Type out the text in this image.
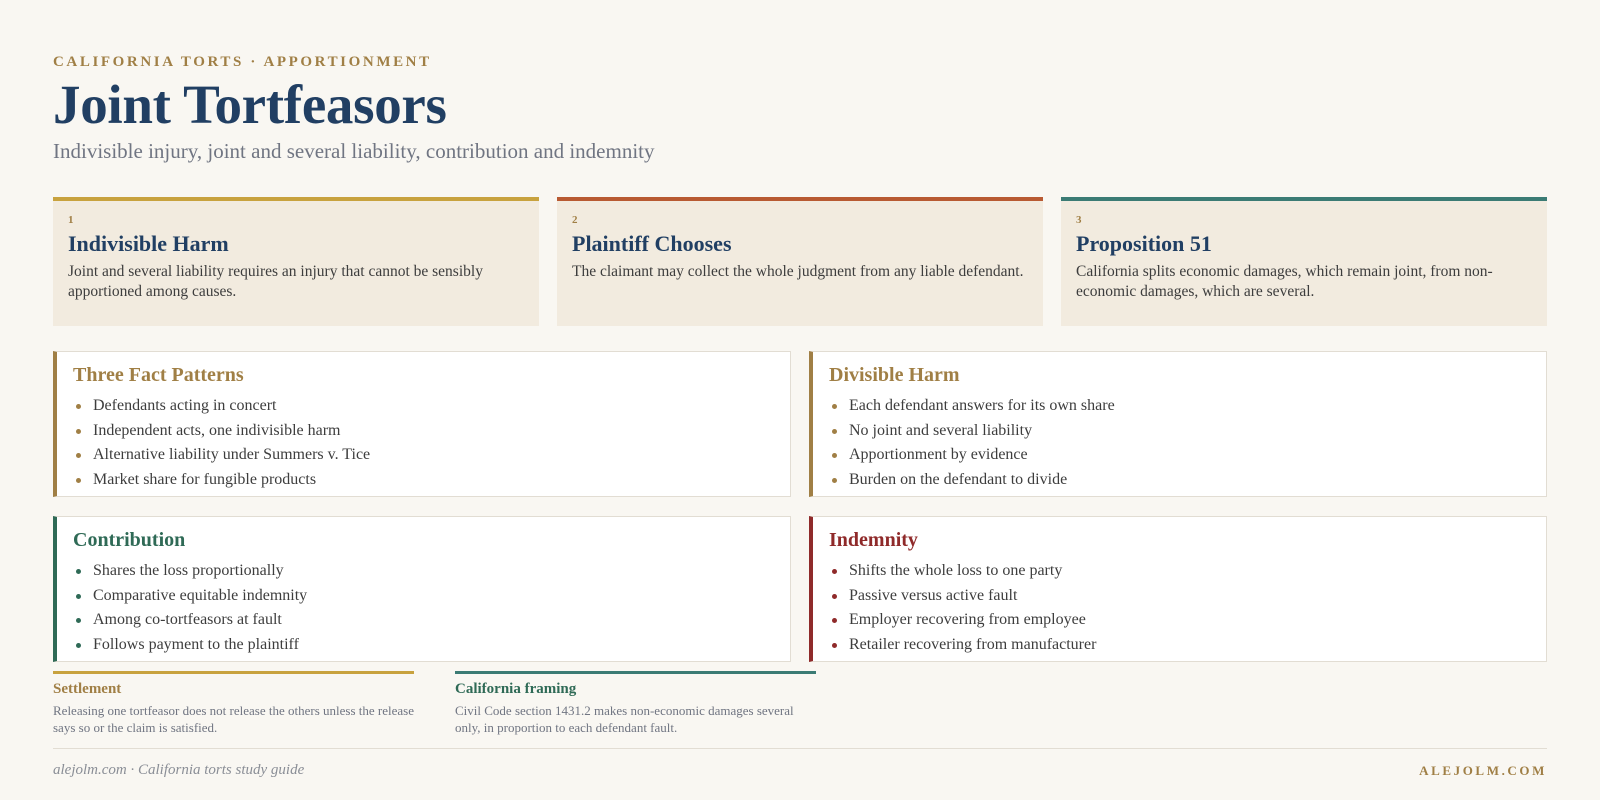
CALIFORNIA TORTS · APPORTIONMENT
Joint Tortfeasors
Indivisible injury, joint and several liability, contribution and indemnity
1
Indivisible Harm

Joint and several liability requires an injury that cannot be sensibly apportioned among causes.

2
Plaintiff Chooses

The claimant may collect the whole judgment from any liable defendant.

3
Proposition 51

California splits economic damages, which remain joint, from non-economic damages, which are several.

Three Fact Patterns
Defendants acting in concert
Independent acts, one indivisible harm
Alternative liability under Summers v. Tice
Market share for fungible products
Divisible Harm
Each defendant answers for its own share
No joint and several liability
Apportionment by evidence
Burden on the defendant to divide
Contribution
Shares the loss proportionally
Comparative equitable indemnity
Among co-tortfeasors at fault
Follows payment to the plaintiff
Indemnity
Shifts the whole loss to one party
Passive versus active fault
Employer recovering from employee
Retailer recovering from manufacturer
Settlement

Releasing one tortfeasor does not release the others unless the release says so or the claim is satisfied.

California framing

Civil Code section 1431.2 makes non-economic damages several only, in proportion to each defendant fault.

alejolm.com · California torts study guide	ALEJOLM.COM
